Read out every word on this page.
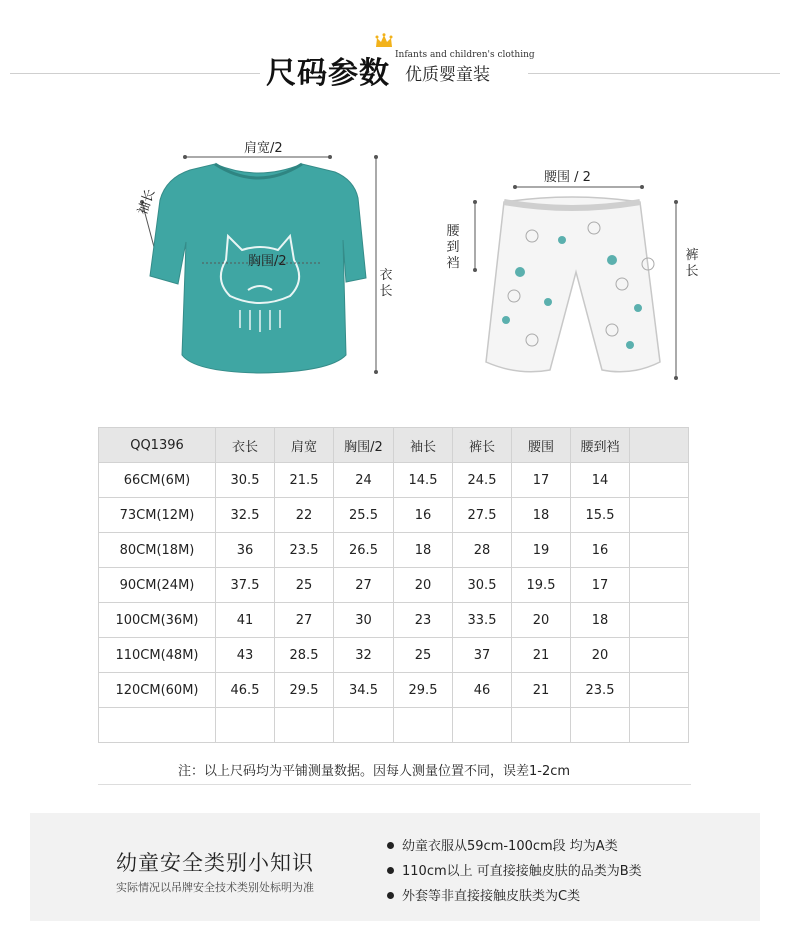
尺码参数
Infants and children's clothing
优质婴童装
肩宽/2
袖长
胸围/2
衣长
腰围 / 2
腰到裆
裤长
QQ1396	衣长	肩宽	胸围/2	袖长	裤长	腰围	腰到裆	
66CM(6M)	30.5	21.5	24	14.5	24.5	17	14	
73CM(12M)	32.5	22	25.5	16	27.5	18	15.5	
80CM(18M)	36	23.5	26.5	18	28	19	16	
90CM(24M)	37.5	25	27	20	30.5	19.5	17	
100CM(36M)	41	27	30	23	33.5	20	18	
110CM(48M)	43	28.5	32	25	37	21	20	
120CM(60M)	46.5	29.5	34.5	29.5	46	21	23.5	

注：以上尺码均为平铺测量数据。因每人测量位置不同，误差1-2cm
幼童安全类别小知识
实际情况以吊牌安全技术类别处标明为准
幼童衣服从59cm-100cm段 均为A类
110cm以上 可直接接触皮肤的品类为B类
外套等非直接接触皮肤类为C类
